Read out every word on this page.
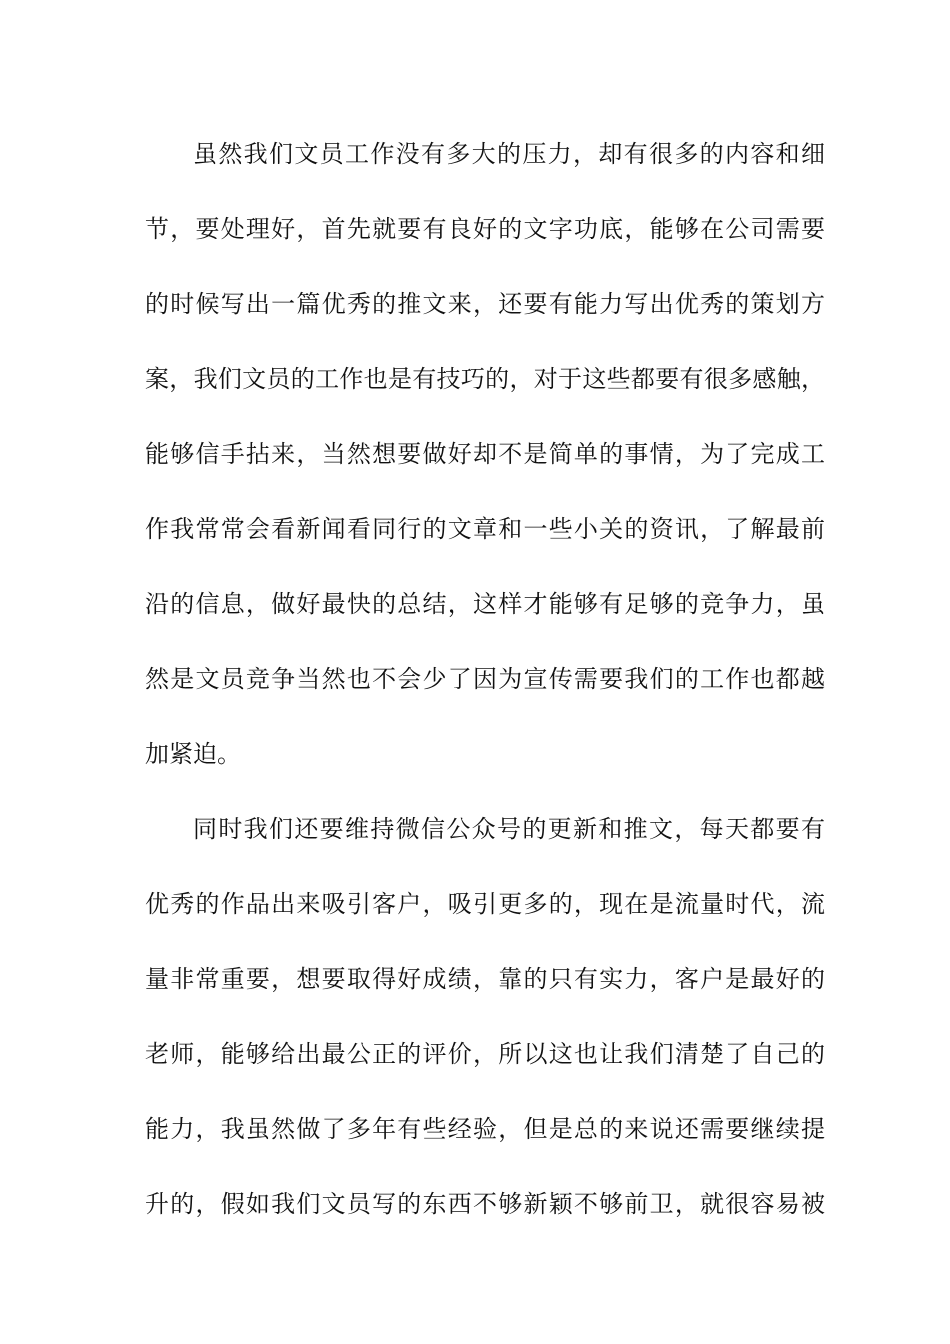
虽然我们文员工作没有多大的压力，却有很多的内容和细
节，要处理好，首先就要有良好的文字功底，能够在公司需要
的时候写出一篇优秀的推文来，还要有能力写出优秀的策划方
案，我们文员的工作也是有技巧的，对于这些都要有很多感触，
能够信手拈来，当然想要做好却不是简单的事情，为了完成工
作我常常会看新闻看同行的文章和一些小关的资讯，了解最前
沿的信息，做好最快的总结，这样才能够有足够的竞争力，虽
然是文员竞争当然也不会少了因为宣传需要我们的工作也都越
加紧迫。
同时我们还要维持微信公众号的更新和推文，每天都要有
优秀的作品出来吸引客户，吸引更多的，现在是流量时代，流
量非常重要，想要取得好成绩，靠的只有实力，客户是最好的
老师，能够给出最公正的评价，所以这也让我们清楚了自己的
能力，我虽然做了多年有些经验，但是总的来说还需要继续提
升的，假如我们文员写的东西不够新颖不够前卫，就很容易被
